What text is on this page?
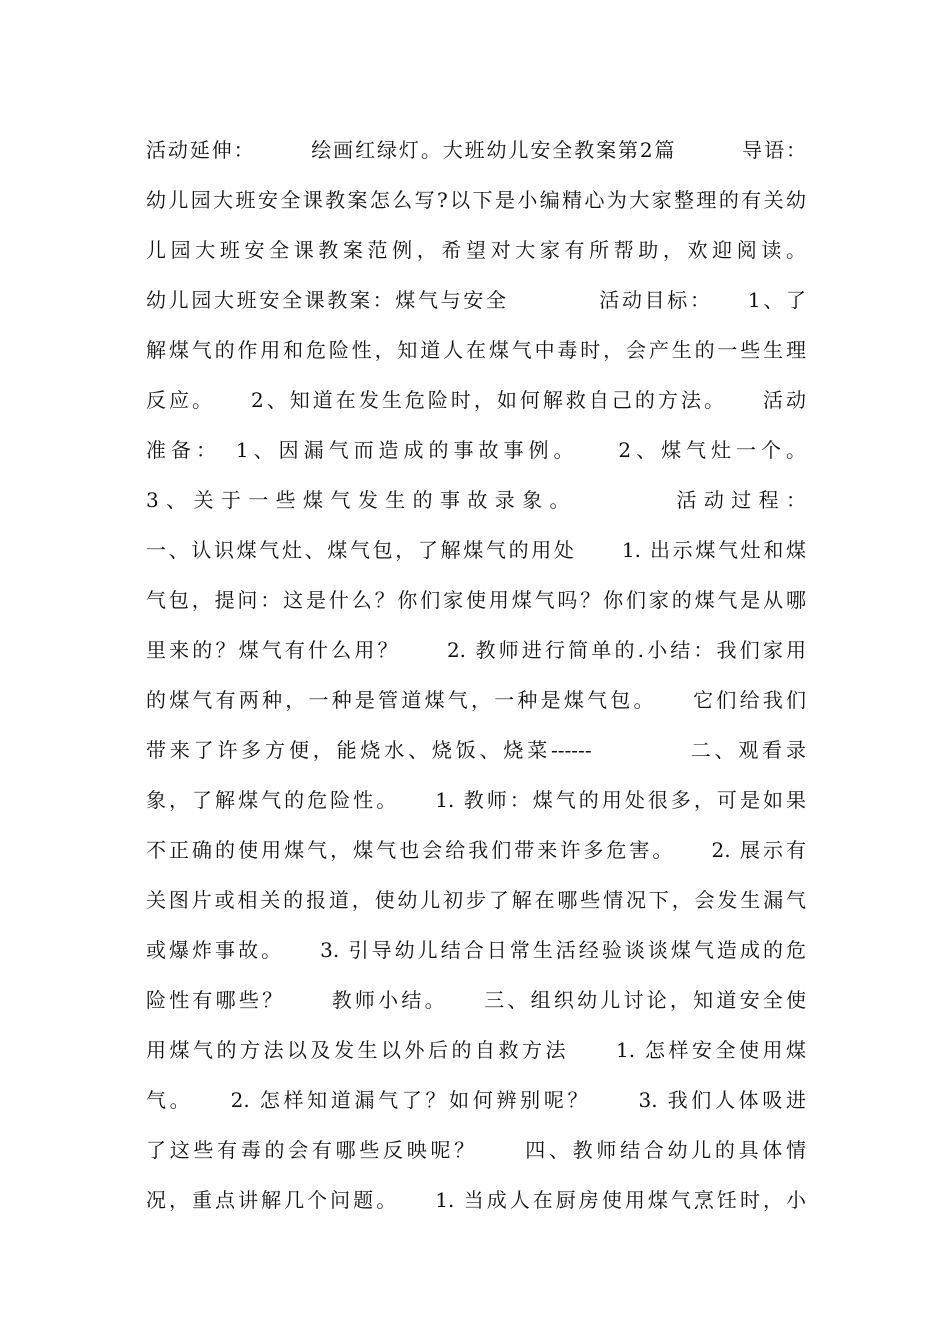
活动延伸：　　　绘画红绿灯。大班幼儿安全教案第2篇　　　导语：
幼儿园大班安全课教案怎么写?以下是小编精心为大家整理的有关幼
儿园大班安全课教案范例，希望对大家有所帮助，欢迎阅读。
幼儿园大班安全课教案：煤气与安全　　　　活动目标：　　1、了
解煤气的作用和危险性，知道人在煤气中毒时，会产生的一些生理
反应。　　2、知道在发生危险时，如何解救自己的方法。　　活动
准备：　1、因漏气而造成的事故事例。　　2、煤气灶一个。
3、关于一些煤气发生的事故录象。　　　　活动过程：
一、认识煤气灶、煤气包，了解煤气的用处　　1. 出示煤气灶和煤
气包，提问：这是什么？你们家使用煤气吗？你们家的煤气是从哪
里来的？煤气有什么用？　　2. 教师进行简单的.小结：我们家用
的煤气有两种，一种是管道煤气，一种是煤气包。　　它们给我们
带来了许多方便，能烧水、烧饭、烧菜------　　　　二、观看录
象，了解煤气的危险性。　　1. 教师：煤气的用处很多，可是如果
不正确的使用煤气，煤气也会给我们带来许多危害。　　2. 展示有
关图片或相关的报道，使幼儿初步了解在哪些情况下，会发生漏气
或爆炸事故。　　3. 引导幼儿结合日常生活经验谈谈煤气造成的危
险性有哪些？　　教师小结。　　三、组织幼儿讨论，知道安全使
用煤气的方法以及发生以外后的自救方法　　1. 怎样安全使用煤
气。　　2. 怎样知道漏气了？如何辨别呢？　　3. 我们人体吸进
了这些有毒的会有哪些反映呢？　　四、教师结合幼儿的具体情
况，重点讲解几个问题。　　1. 当成人在厨房使用煤气烹饪时，小
